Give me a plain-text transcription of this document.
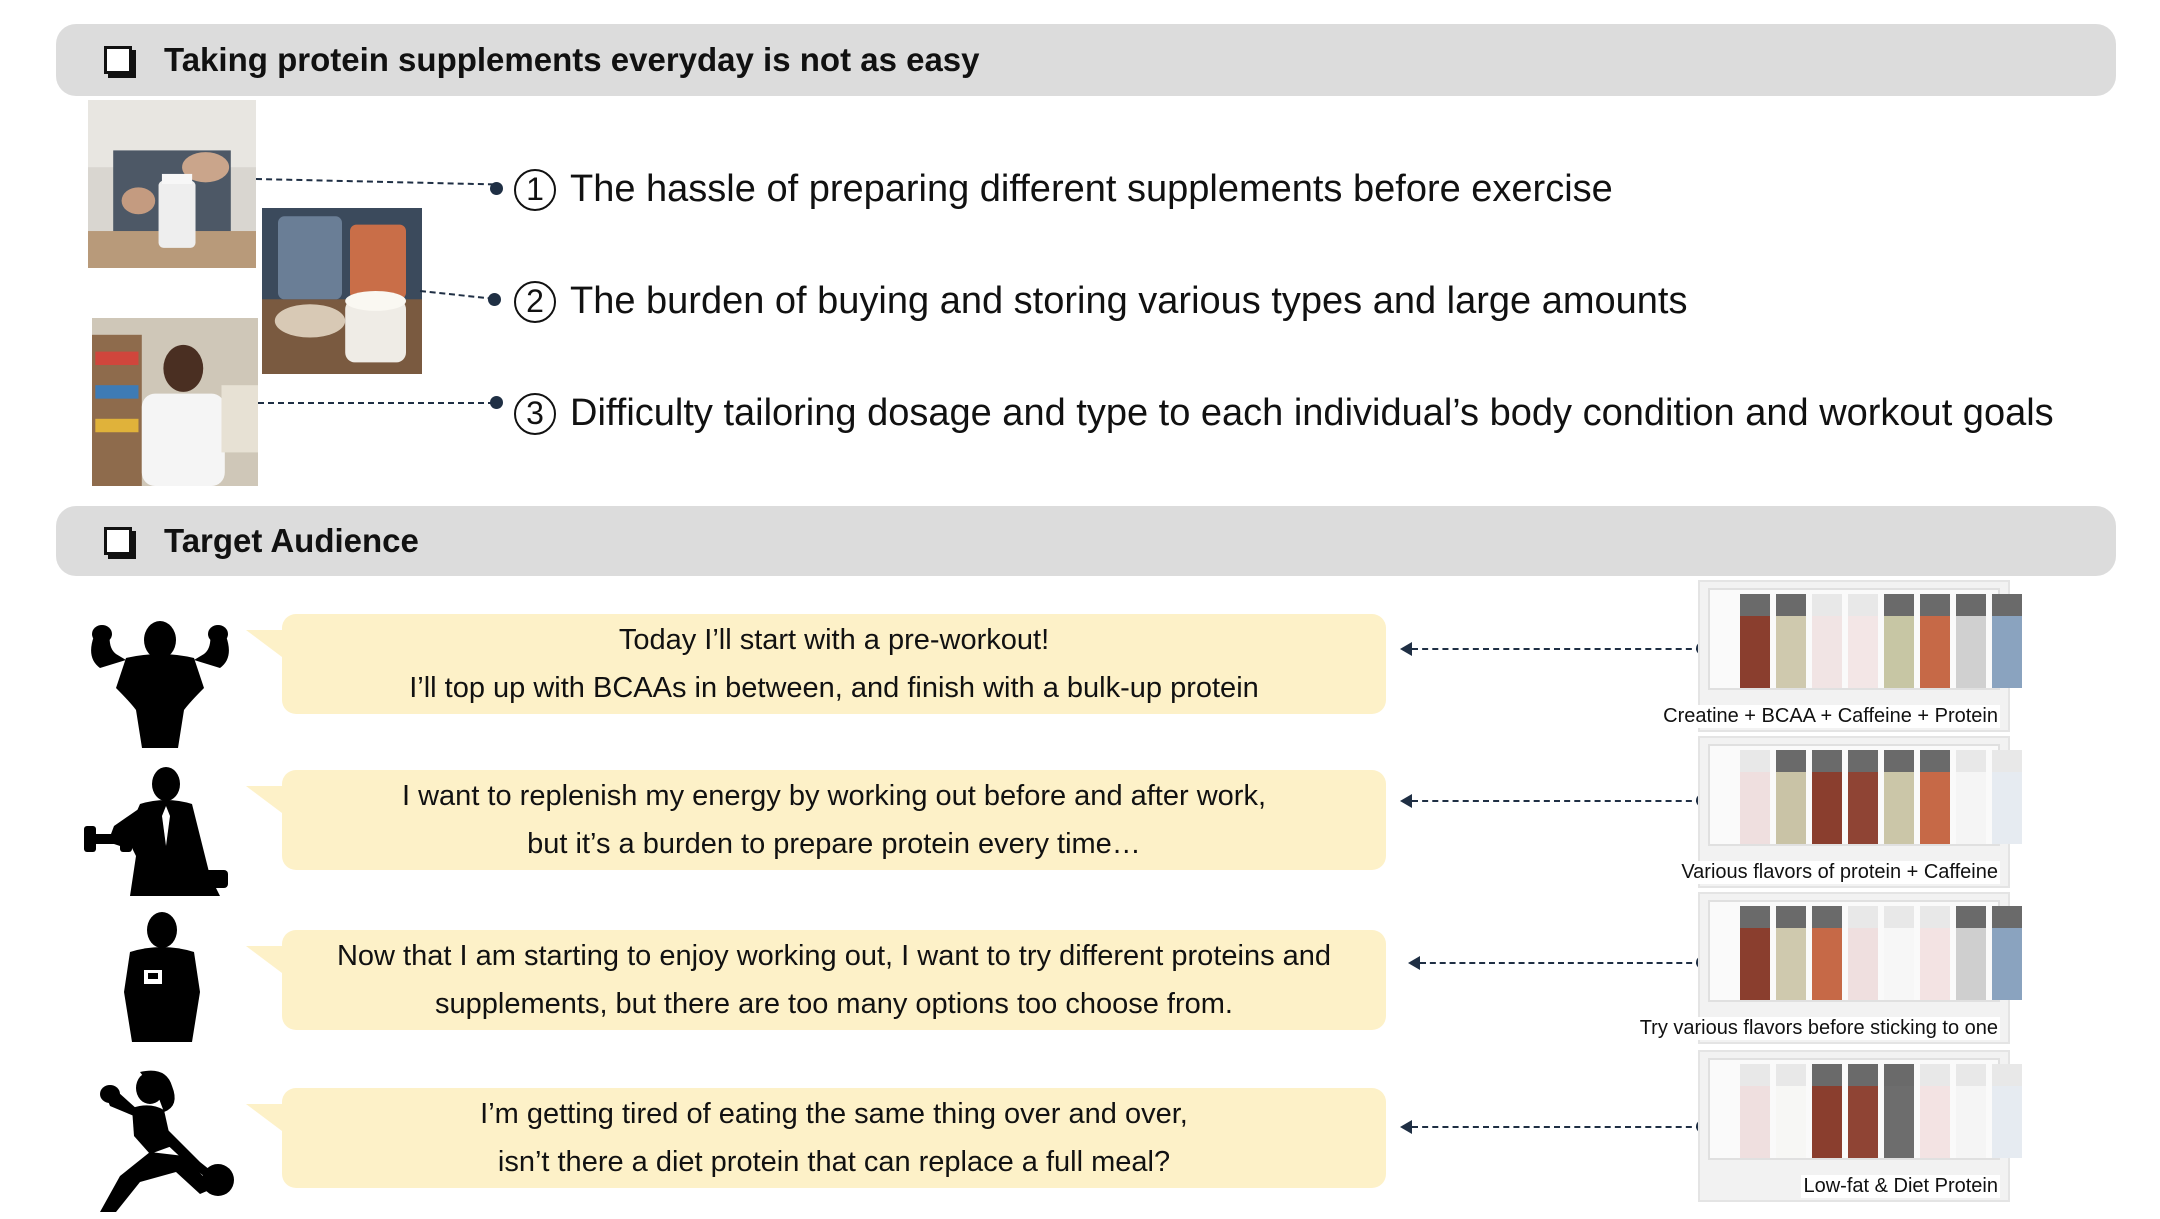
Taking protein supplements everyday is not as easy
1 The hassle of preparing different supplements before exercise
2 The burden of buying and storing various types and large amounts
3 Difficulty tailoring dosage and type to each individual’s body condition and workout goals
Target Audience
Today I’ll start with a pre-workout!
I’ll top up with BCAAs in between, and finish with a bulk-up protein
I want to replenish my energy by working out before and after work,
but it’s a burden to prepare protein every time…
Now that I am starting to enjoy working out, I want to try different proteins and
supplements, but there are too many options too choose from.
I’m getting tired of eating the same thing over and over,
isn’t there a diet protein that can replace a full meal?
Creatine + BCAA + Caffeine + Protein
Various flavors of protein + Caffeine
Try various flavors before sticking to one
Low-fat & Diet Protein
